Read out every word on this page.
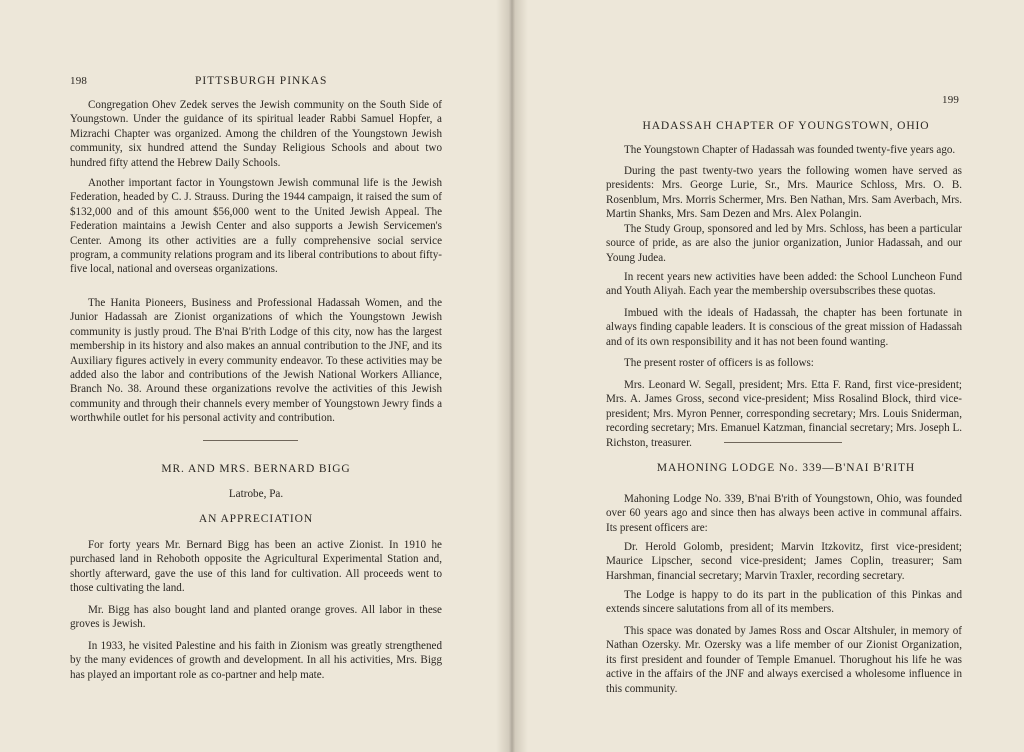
198	PITTSBURGH PINKAS

Congregation Ohev Zedek serves the Jewish community on the South Side of Youngstown. Under the guidance of its spiritual leader Rabbi Samuel Hopfer, a Mizrachi Chapter was organized. Among the children of the Youngstown Jewish community, six hundred attend the Sunday Religious Schools and about two hundred fifty attend the Hebrew Daily Schools.

Another important factor in Youngstown Jewish communal life is the Jewish Federation, headed by C. J. Strauss. During the 1944 campaign, it raised the sum of $132,000 and of this amount $56,000 went to the United Jewish Appeal. The Federation maintains a Jewish Center and also supports a Jewish Servicemen's Center. Among its other activities are a fully comprehensive social service program, a community relations program and its liberal contributions to about fifty-five local, national and overseas organizations.

The Hanita Pioneers, Business and Professional Hadassah Women, and the Junior Hadassah are Zionist organizations of which the Youngstown Jewish community is justly proud. The B'nai B'rith Lodge of this city, now has the largest membership in its history and also makes an annual contribution to the JNF, and its Auxiliary figures actively in every community endeavor. To these activities may be added also the labor and contributions of the Jewish National Workers Alliance, Branch No. 38. Around these organizations revolve the activities of this Jewish community and through their channels every member of Youngstown Jewry finds a worthwhile outlet for his personal activity and contribution.

MR. AND MRS. BERNARD BIGG

Latrobe, Pa.

AN APPRECIATION

For forty years Mr. Bernard Bigg has been an active Zionist. In 1910 he purchased land in Rehoboth opposite the Agricultural Experimental Station and, shortly afterward, gave the use of this land for cultivation. All proceeds went to those cultivating the land.

Mr. Bigg has also bought land and planted orange groves. All labor in these groves is Jewish.

In 1933, he visited Palestine and his faith in Zionism was greatly strengthened by the many evidences of growth and development. In all his activities, Mrs. Bigg has played an important role as co-partner and help mate.

199

HADASSAH CHAPTER OF YOUNGSTOWN, OHIO

The Youngstown Chapter of Hadassah was founded twenty-five years ago.

During the past twenty-two years the following women have served as presidents: Mrs. George Lurie, Sr., Mrs. Maurice Schloss, Mrs. O. B. Rosenblum, Mrs. Morris Schermer, Mrs. Ben Nathan, Mrs. Sam Averbach, Mrs. Martin Shanks, Mrs. Sam Dezen and Mrs. Alex Polangin.

The Study Group, sponsored and led by Mrs. Schloss, has been a particular source of pride, as are also the junior organization, Junior Hadassah, and our Young Judea.

In recent years new activities have been added: the School Luncheon Fund and Youth Aliyah. Each year the membership oversubscribes these quotas.

Imbued with the ideals of Hadassah, the chapter has been fortunate in always finding capable leaders. It is conscious of the great mission of Hadassah and of its own responsibility and it has not been found wanting.

The present roster of officers is as follows:

Mrs. Leonard W. Segall, president; Mrs. Etta F. Rand, first vice-president; Mrs. A. James Gross, second vice-president; Miss Rosalind Block, third vice-president; Mrs. Myron Penner, corresponding secretary; Mrs. Louis Sniderman, recording secretary; Mrs. Emanuel Katzman, financial secretary; Mrs. Joseph L. Richston, treasurer.

MAHONING LODGE No. 339—B'NAI B'RITH

Mahoning Lodge No. 339, B'nai B'rith of Youngstown, Ohio, was founded over 60 years ago and since then has always been active in communal affairs. Its present officers are:

Dr. Herold Golomb, president; Marvin Itzkovitz, first vice-president; Maurice Lipscher, second vice-president; James Coplin, treasurer; Sam Harshman, financial secretary; Marvin Traxler, recording secretary.

The Lodge is happy to do its part in the publication of this Pinkas and extends sincere salutations from all of its members.

This space was donated by James Ross and Oscar Altshuler, in memory of Nathan Ozersky. Mr. Ozersky was a life member of our Zionist Organization, its first president and founder of Temple Emanuel. Thorughout his life he was active in the affairs of the JNF and always exercised a wholesome influence in this community.
